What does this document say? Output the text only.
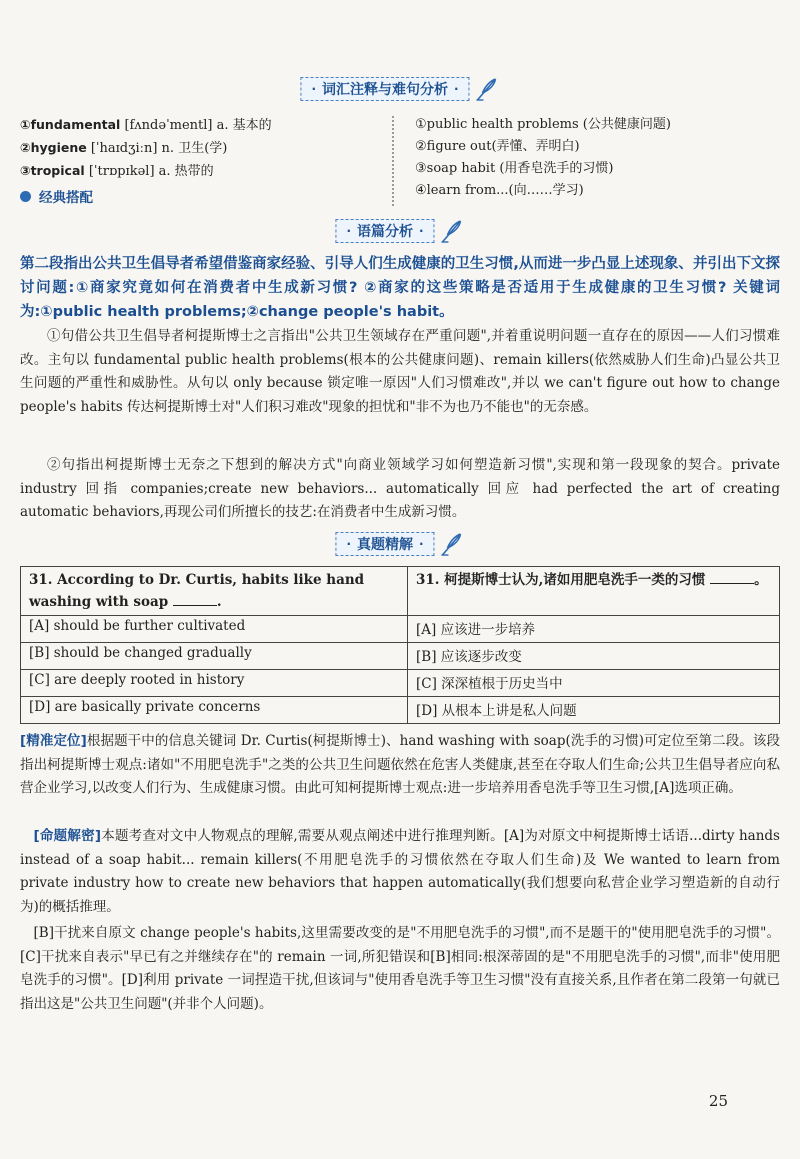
· 词汇注释与难句分析 ·
①fundamental [fʌndəˈmentl] a. 基本的
②hygiene [ˈhaɪdʒiːn] n. 卫生(学)
③tropical [ˈtrɒpɪkəl] a. 热带的
①public health problems (公共健康问题)
②figure out(弄懂、弄明白)
③soap habit (用香皂洗手的习惯)
④learn from...(向……学习)
经典搭配
· 语篇分析 ·
第二段指出公共卫生倡导者希望借鉴商家经验、引导人们生成健康的卫生习惯,从而进一步凸显上述现象、并引出下文探讨问题:①商家究竟如何在消费者中生成新习惯? ②商家的这些策略是否适用于生成健康的卫生习惯? 关键词为:①public health problems;②change people's habit。
①句借公共卫生倡导者柯提斯博士之言指出"公共卫生领域存在严重问题",并着重说明问题一直存在的原因——人们习惯难改。主句以 fundamental public health problems(根本的公共健康问题)、remain killers(依然威胁人们生命)凸显公共卫生问题的严重性和威胁性。从句以 only because 锁定唯一原因"人们习惯难改",并以 we can't figure out how to change people's habits 传达柯提斯博士对"人们积习难改"现象的担忧和"非不为也乃不能也"的无奈感。
②句指出柯提斯博士无奈之下想到的解决方式"向商业领域学习如何塑造新习惯",实现和第一段现象的契合。private industry 回指 companies;create new behaviors... automatically 回应 had perfected the art of creating automatic behaviors,再现公司们所擅长的技艺:在消费者中生成新习惯。
· 真题精解 ·
31. According to Dr. Curtis, habits like hand washing with soap .	31. 柯提斯博士认为,诸如用肥皂洗手一类的习惯 。
[A] should be further cultivated	[A] 应该进一步培养
[B] should be changed gradually	[B] 应该逐步改变
[C] are deeply rooted in history	[C] 深深植根于历史当中
[D] are basically private concerns	[D] 从根本上讲是私人问题
[精准定位]根据题干中的信息关键词 Dr. Curtis(柯提斯博士)、hand washing with soap(洗手的习惯)可定位至第二段。该段指出柯提斯博士观点:诸如"不用肥皂洗手"之类的公共卫生问题依然在危害人类健康,甚至在夺取人们生命;公共卫生倡导者应向私营企业学习,以改变人们行为、生成健康习惯。由此可知柯提斯博士观点:进一步培养用香皂洗手等卫生习惯,[A]选项正确。
[命题解密]本题考查对文中人物观点的理解,需要从观点阐述中进行推理判断。[A]为对原文中柯提斯博士话语...dirty hands instead of a soap habit... remain killers(不用肥皂洗手的习惯依然在夺取人们生命)及 We wanted to learn from private industry how to create new behaviors that happen automatically(我们想要向私营企业学习塑造新的自动行为)的概括推理。
[B]干扰来自原文 change people's habits,这里需要改变的是"不用肥皂洗手的习惯",而不是题干的"使用肥皂洗手的习惯"。[C]干扰来自表示"早已有之并继续存在"的 remain 一词,所犯错误和[B]相同:根深蒂固的是"不用肥皂洗手的习惯",而非"使用肥皂洗手的习惯"。[D]利用 private 一词捏造干扰,但该词与"使用香皂洗手等卫生习惯"没有直接关系,且作者在第二段第一句就已指出这是"公共卫生问题"(并非个人问题)。
25
